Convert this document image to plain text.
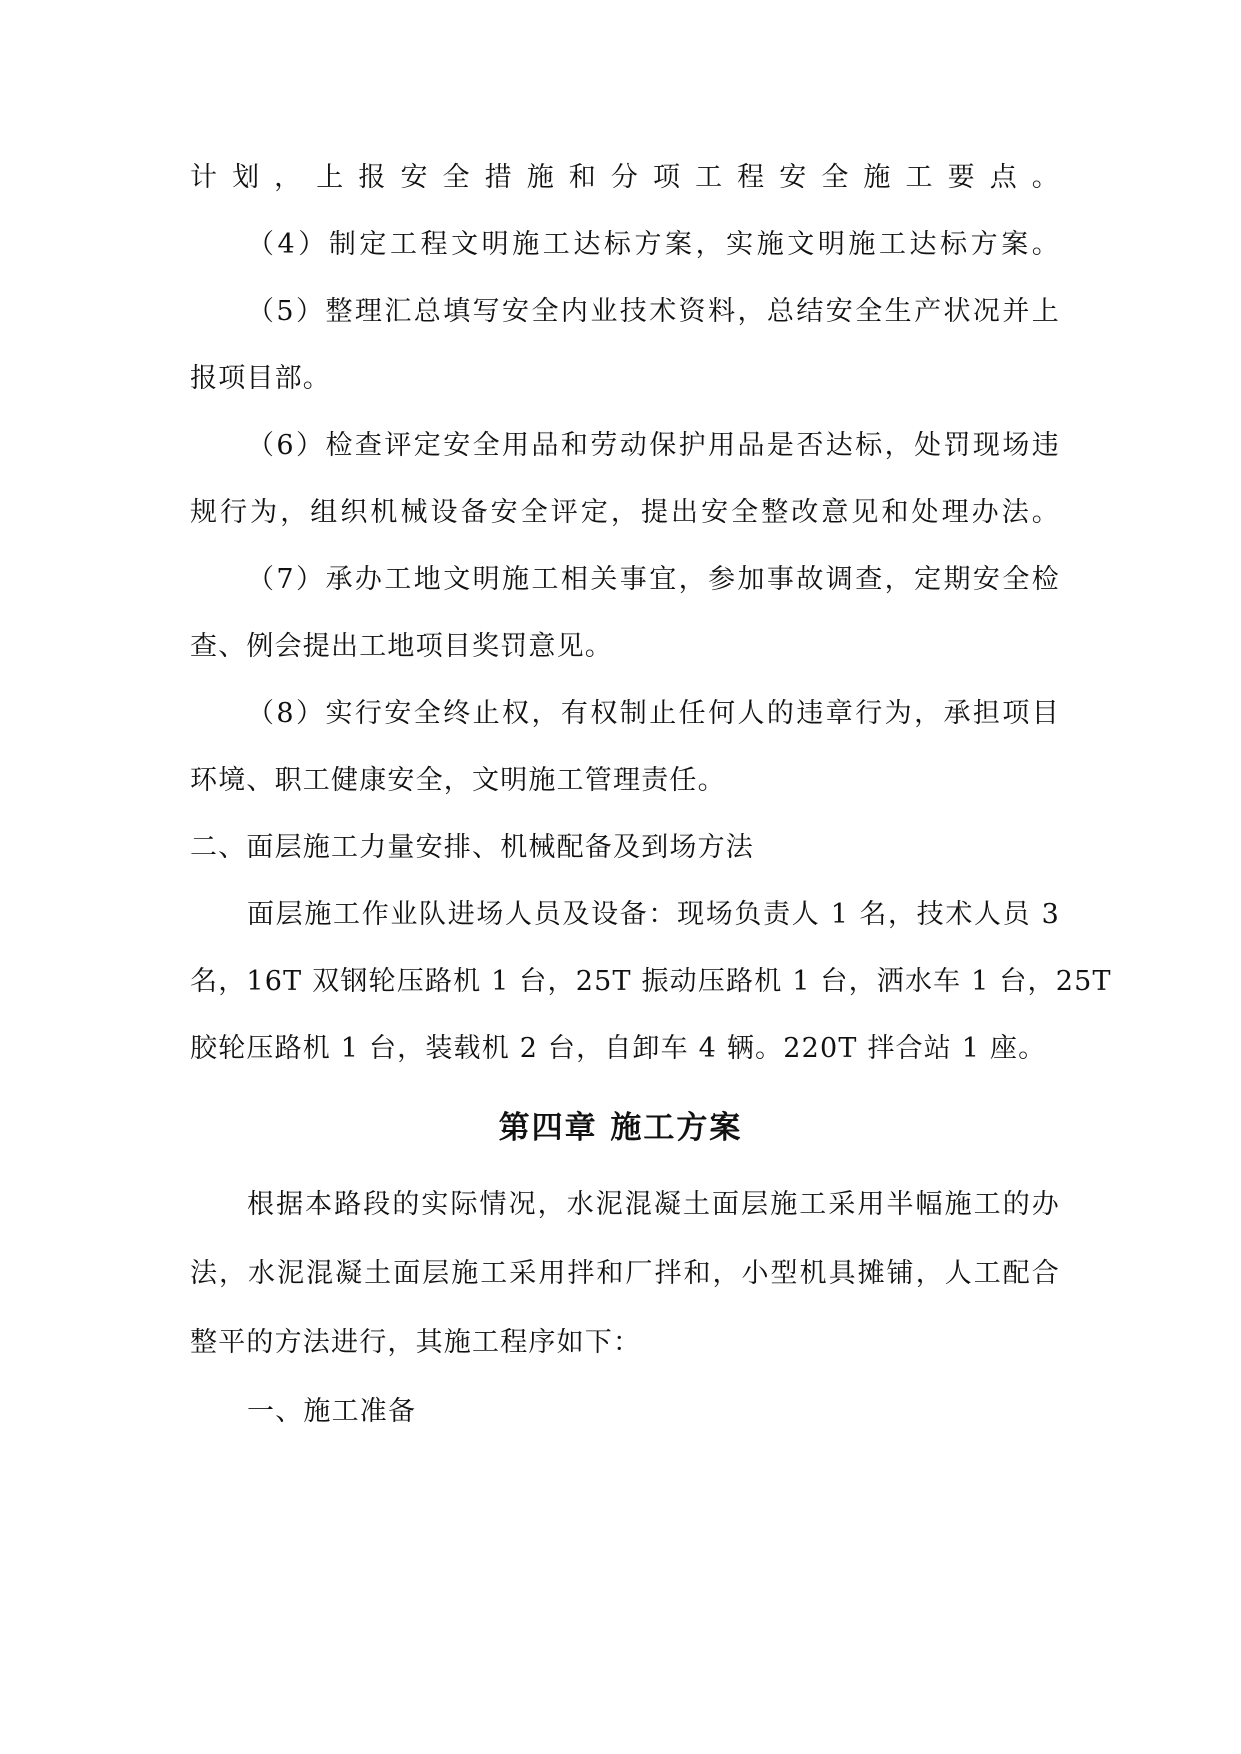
计划，上报安全措施和分项工程安全施工要点。
（4）制定工程文明施工达标方案，实施文明施工达标方案。
（5）整理汇总填写安全内业技术资料，总结安全生产状况并上
报项目部。
（6）检查评定安全用品和劳动保护用品是否达标，处罚现场违
规行为，组织机械设备安全评定，提出安全整改意见和处理办法。
（7）承办工地文明施工相关事宜，参加事故调查，定期安全检
查、例会提出工地项目奖罚意见。
（8）实行安全终止权，有权制止任何人的违章行为，承担项目
环境、职工健康安全，文明施工管理责任。
二、面层施工力量安排、机械配备及到场方法
面层施工作业队进场人员及设备：现场负责人 1 名，技术人员 3
名，16T 双钢轮压路机 1 台，25T 振动压路机 1 台，洒水车 1 台，25T
胶轮压路机 1 台，装载机 2 台，自卸车 4 辆。220T 拌合站 1 座。
第四章 施工方案
根据本路段的实际情况，水泥混凝土面层施工采用半幅施工的办
法，水泥混凝土面层施工采用拌和厂拌和，小型机具摊铺，人工配合
整平的方法进行，其施工程序如下：
一、施工准备
